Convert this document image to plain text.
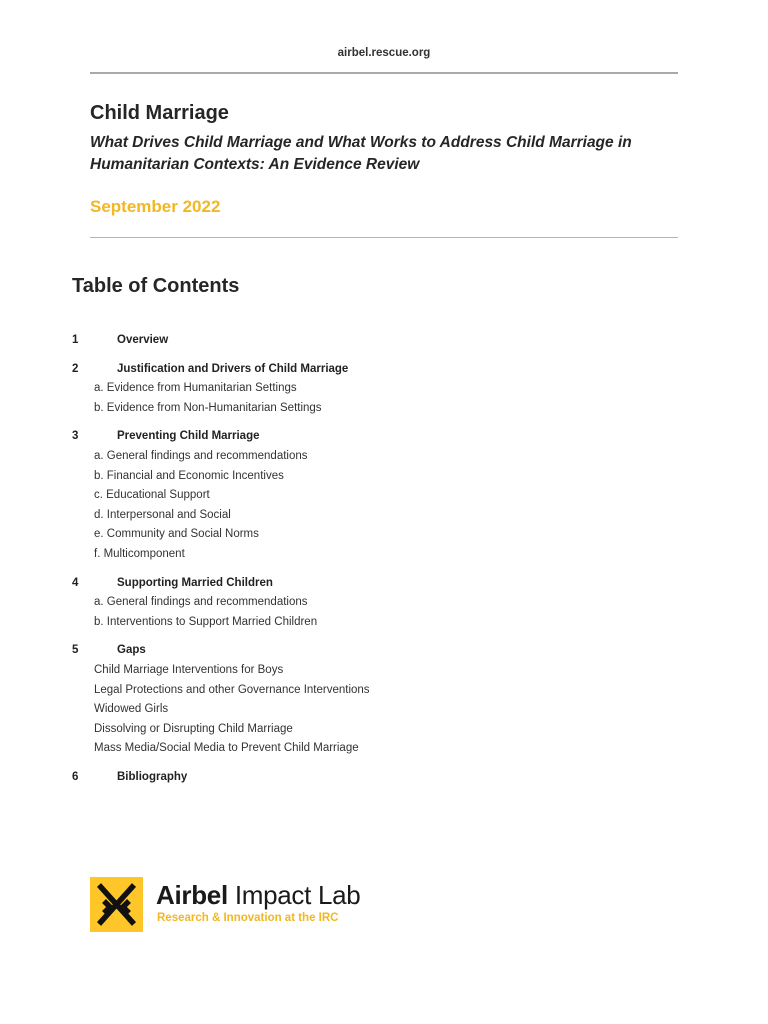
airbel.rescue.org
Child Marriage
What Drives Child Marriage and What Works to Address Child Marriage in Humanitarian Contexts: An Evidence Review
September 2022
Table of Contents
1	Overview
2	Justification and Drivers of Child Marriage
a. Evidence from Humanitarian Settings
b. Evidence from Non-Humanitarian Settings
3	Preventing Child Marriage
a. General findings and recommendations
b. Financial and Economic Incentives
c. Educational Support
d. Interpersonal and Social
e. Community and Social Norms
f. Multicomponent
4	Supporting Married Children
a. General findings and recommendations
b. Interventions to Support Married Children
5	Gaps
Child Marriage Interventions for Boys
Legal Protections and other Governance Interventions
Widowed Girls
Dissolving or Disrupting Child Marriage
Mass Media/Social Media to Prevent Child Marriage
6	Bibliography
Airbel Impact Lab
Research & Innovation at the IRC
